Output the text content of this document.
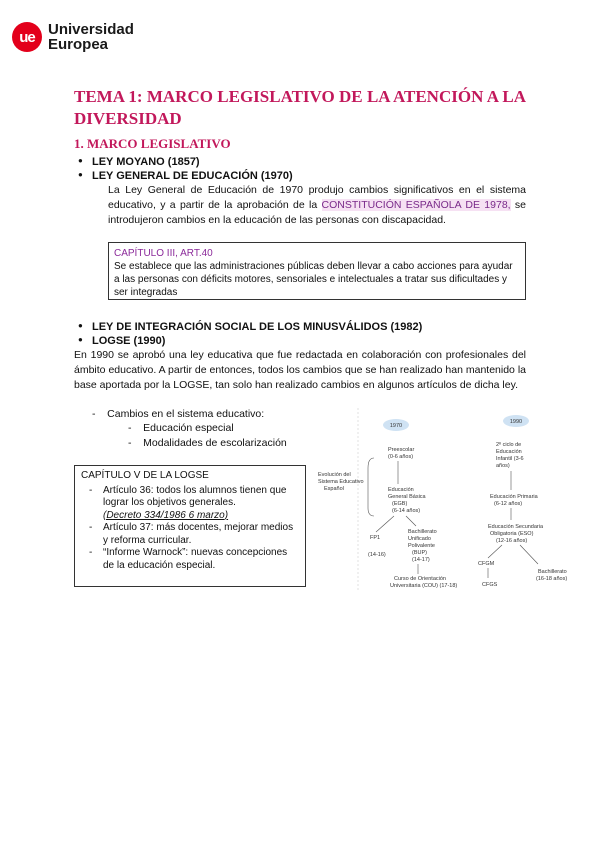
ue Universidad
Europea
TEMA 1: MARCO LEGISLATIVO DE LA ATENCIÓN A LA DIVERSIDAD
1. MARCO LEGISLATIVO
● LEY MOYANO (1857)
● LEY GENERAL DE EDUCACIÓN (1970)
La Ley General de Educación de 1970 produjo cambios significativos en el sistema educativo, y a partir de la aprobación de la CONSTITUCIÓN ESPAÑOLA DE 1978, se introdujeron cambios en la educación de las personas con discapacidad.
CAPÍTULO III, ART.40
Se establece que las administraciones públicas deben llevar a cabo acciones para ayudar a las personas con déficits motores, sensoriales e intelectuales a tratar sus dificultades y ser integradas
● LEY DE INTEGRACIÓN SOCIAL DE LOS MINUSVÁLIDOS (1982)
● LOGSE (1990)
En 1990 se aprobó una ley educativa que fue redactada en colaboración con profesionales del ámbito educativo. A partir de entonces, todos los cambios que se han realizado han mantenido la base aportada por la LOGSE, tan solo han realizado cambios en algunos artículos de dicha ley.
-    Cambios en el sistema educativo:
-    Educación especial
-    Modalidades de escolarización
CAPÍTULO V DE LA LOGSE
- Artículo 36: todos los alumnos tienen que lograr los objetivos generales.
(Decreto 334/1986 6 marzo)
- Artículo 37: más docentes, mejorar medios y reforma curricular.
- “Informe Warnock”: nuevas concepciones de la educación especial.
1970
1990
Evolución del
Sistema Educativo
Español
Preescolar
(0-6 años)
Educación
General Básica
(EGB)
(6-14 años)
FP1
(14-16)
Bachillerato
Unificado
Polivalente
(BUP)
(14-17)
Curso de Orientación
Universitaria (COU) (17-18)
2º ciclo de
Educación
Infantil (3-6
años)
Educación Primaria
(6-12 años)
Educación Secundaria
Obligatoria (ESO)
(12-16 años)
CFGM
CFGS
Bachillerato
(16-18 años)
